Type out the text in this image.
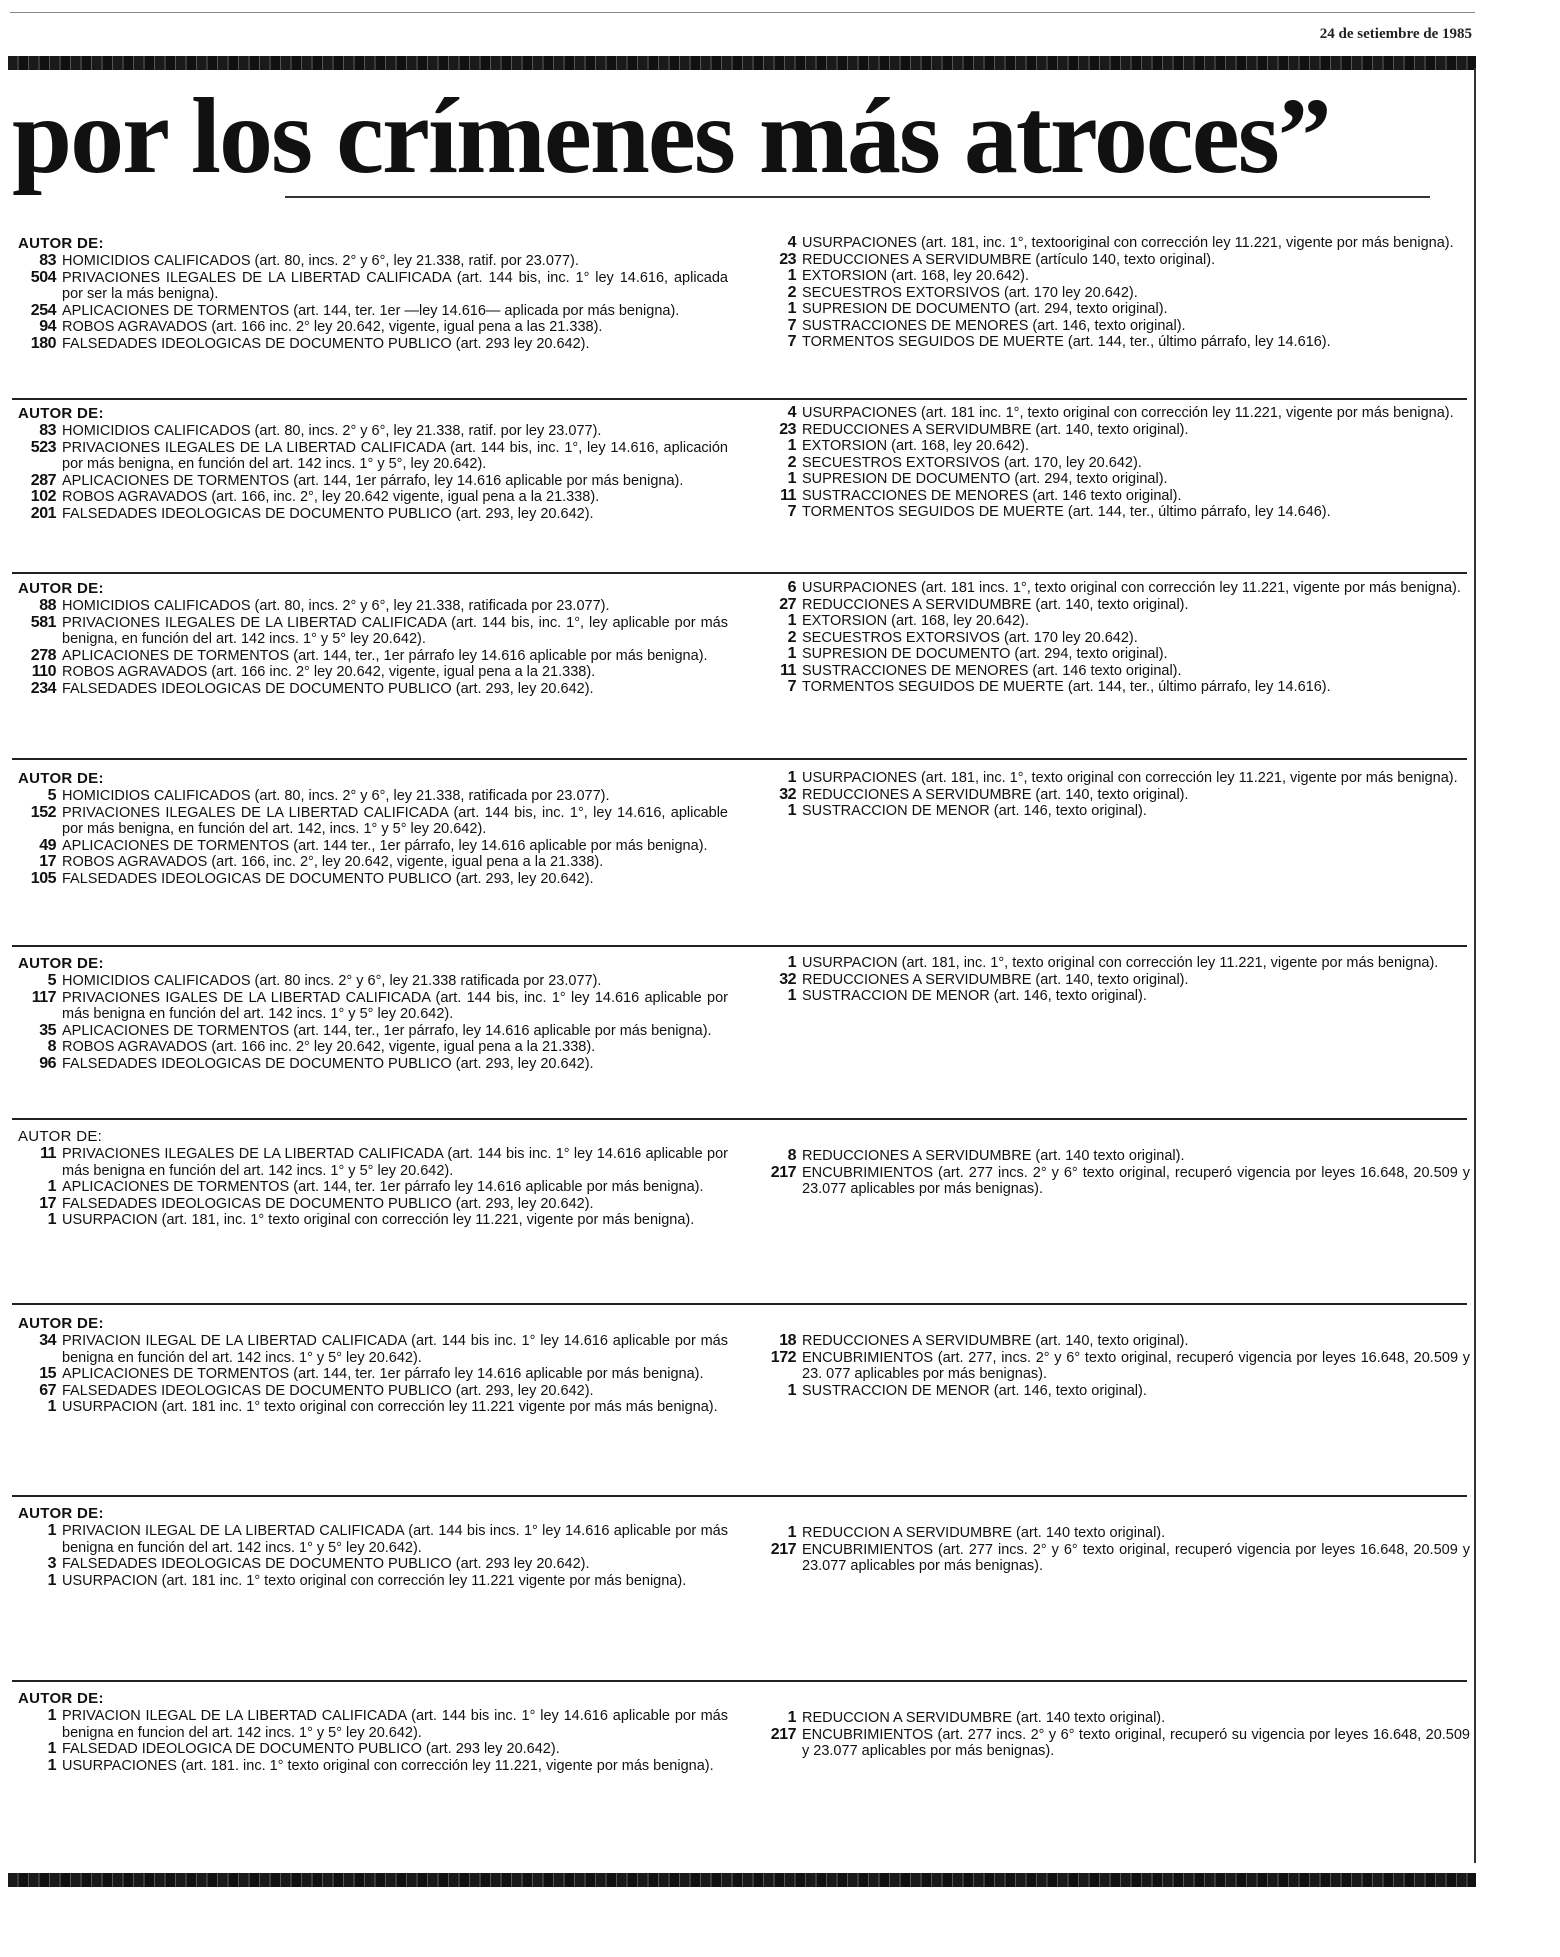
24 de setiembre de 1985
por los crímenes más atroces”
AUTOR DE:
83 HOMICIDIOS CALIFICADOS (art. 80, incs. 2° y 6°, ley 21.338, ratif. por 23.077).
504 PRIVACIONES ILEGALES DE LA LIBERTAD CALIFICADA (art. 144 bis, inc. 1° ley 14.616, aplicada por ser la más benigna).
254 APLICACIONES DE TORMENTOS (art. 144, ter. 1er —ley 14.616— aplicada por más benigna).
94 ROBOS AGRAVADOS (art. 166 inc. 2° ley 20.642, vigente, igual pena a las 21.338).
180 FALSEDADES IDEOLOGICAS DE DOCUMENTO PUBLICO (art. 293 ley 20.642).
4 USURPACIONES (art. 181, inc. 1°, textooriginal con corrección ley 11.221, vigente por más benigna).
23 REDUCCIONES A SERVIDUMBRE (artículo 140, texto original).
1 EXTORSION (art. 168, ley 20.642).
2 SECUESTROS EXTORSIVOS (art. 170 ley 20.642).
1 SUPRESION DE DOCUMENTO (art. 294, texto original).
7 SUSTRACCIONES DE MENORES (art. 146, texto original).
7 TORMENTOS SEGUIDOS DE MUERTE (art. 144, ter., último párrafo, ley 14.616).
AUTOR DE:
83 HOMICIDIOS CALIFICADOS (art. 80, incs. 2° y 6°, ley 21.338, ratif. por ley 23.077).
523 PRIVACIONES ILEGALES DE LA LIBERTAD CALIFICADA (art. 144 bis, inc. 1°, ley 14.616, aplicación por más benigna, en función del art. 142 incs. 1° y 5°, ley 20.642).
287 APLICACIONES DE TORMENTOS (art. 144, 1er párrafo, ley 14.616 aplicable por más benigna).
102 ROBOS AGRAVADOS (art. 166, inc. 2°, ley 20.642 vigente, igual pena a la 21.338).
201 FALSEDADES IDEOLOGICAS DE DOCUMENTO PUBLICO (art. 293, ley 20.642).
4 USURPACIONES (art. 181 inc. 1°, texto original con corrección ley 11.221, vigente por más benigna).
23 REDUCCIONES A SERVIDUMBRE (art. 140, texto original).
1 EXTORSION (art. 168, ley 20.642).
2 SECUESTROS EXTORSIVOS (art. 170, ley 20.642).
1 SUPRESION DE DOCUMENTO (art. 294, texto original).
11 SUSTRACCIONES DE MENORES (art. 146 texto original).
7 TORMENTOS SEGUIDOS DE MUERTE (art. 144, ter., último párrafo, ley 14.646).
AUTOR DE:
88 HOMICIDIOS CALIFICADOS (art. 80, incs. 2° y 6°, ley 21.338, ratificada por 23.077).
581 PRIVACIONES ILEGALES DE LA LIBERTAD CALIFICADA (art. 144 bis, inc. 1°, ley aplicable por más benigna, en función del art. 142 incs. 1° y 5° ley 20.642).
278 APLICACIONES DE TORMENTOS (art. 144, ter., 1er párrafo ley 14.616 aplicable por más benigna).
110 ROBOS AGRAVADOS (art. 166 inc. 2° ley 20.642, vigente, igual pena a la 21.338).
234 FALSEDADES IDEOLOGICAS DE DOCUMENTO PUBLICO (art. 293, ley 20.642).
6 USURPACIONES (art. 181 incs. 1°, texto original con corrección ley 11.221, vigente por más benigna).
27 REDUCCIONES A SERVIDUMBRE (art. 140, texto original).
1 EXTORSION (art. 168, ley 20.642).
2 SECUESTROS EXTORSIVOS (art. 170 ley 20.642).
1 SUPRESION DE DOCUMENTO (art. 294, texto original).
11 SUSTRACCIONES DE MENORES (art. 146 texto original).
7 TORMENTOS SEGUIDOS DE MUERTE (art. 144, ter., último párrafo, ley 14.616).
AUTOR DE:
5 HOMICIDIOS CALIFICADOS (art. 80, incs. 2° y 6°, ley 21.338, ratificada por 23.077).
152 PRIVACIONES ILEGALES DE LA LIBERTAD CALIFICADA (art. 144 bis, inc. 1°, ley 14.616, aplicable por más benigna, en función del art. 142, incs. 1° y 5° ley 20.642).
49 APLICACIONES DE TORMENTOS (art. 144 ter., 1er párrafo, ley 14.616 aplicable por más benigna).
17 ROBOS AGRAVADOS (art. 166, inc. 2°, ley 20.642, vigente, igual pena a la 21.338).
105 FALSEDADES IDEOLOGICAS DE DOCUMENTO PUBLICO (art. 293, ley 20.642).
1 USURPACIONES (art. 181, inc. 1°, texto original con corrección ley 11.221, vigente por más benigna).
32 REDUCCIONES A SERVIDUMBRE (art. 140, texto original).
1 SUSTRACCION DE MENOR (art. 146, texto original).
AUTOR DE:
5 HOMICIDIOS CALIFICADOS (art. 80 incs. 2° y 6°, ley 21.338 ratificada por 23.077).
117 PRIVACIONES IGALES DE LA LIBERTAD CALIFICADA (art. 144 bis, inc. 1° ley 14.616 aplicable por más benigna en función del art. 142 incs. 1° y 5° ley 20.642).
35 APLICACIONES DE TORMENTOS (art. 144, ter., 1er párrafo, ley 14.616 aplicable por más benigna).
8 ROBOS AGRAVADOS (art. 166 inc. 2° ley 20.642, vigente, igual pena a la 21.338).
96 FALSEDADES IDEOLOGICAS DE DOCUMENTO PUBLICO (art. 293, ley 20.642).
1 USURPACION (art. 181, inc. 1°, texto original con corrección ley 11.221, vigente por más benigna).
32 REDUCCIONES A SERVIDUMBRE (art. 140, texto original).
1 SUSTRACCION DE MENOR (art. 146, texto original).
AUTOR DE:
11 PRIVACIONES ILEGALES DE LA LIBERTAD CALIFICADA (art. 144 bis inc. 1° ley 14.616 aplicable por más benigna en función del art. 142 incs. 1° y 5° ley 20.642).
1 APLICACIONES DE TORMENTOS (art. 144, ter. 1er párrafo ley 14.616 aplicable por más benigna).
17 FALSEDADES IDEOLOGICAS DE DOCUMENTO PUBLICO (art. 293, ley 20.642).
1 USURPACION (art. 181, inc. 1° texto original con corrección ley 11.221, vigente por más benigna).
8 REDUCCIONES A SERVIDUMBRE (art. 140 texto original).
217 ENCUBRIMIENTOS (art. 277 incs. 2° y 6° texto original, recuperó vigencia por leyes 16.648, 20.509 y 23.077 aplicables por más benignas).
AUTOR DE:
34 PRIVACION ILEGAL DE LA LIBERTAD CALIFICADA (art. 144 bis inc. 1° ley 14.616 aplicable por más benigna en función del art. 142 incs. 1° y 5° ley 20.642).
15 APLICACIONES DE TORMENTOS (art. 144, ter. 1er párrafo ley 14.616 aplicable por más benigna).
67 FALSEDADES IDEOLOGICAS DE DOCUMENTO PUBLICO (art. 293, ley 20.642).
1 USURPACION (art. 181 inc. 1° texto original con corrección ley 11.221 vigente por más más benigna).
18 REDUCCIONES A SERVIDUMBRE (art. 140, texto original).
172 ENCUBRIMIENTOS (art. 277, incs. 2° y 6° texto original, recuperó vigencia por leyes 16.648, 20.509 y 23. 077 aplicables por más benignas).
1 SUSTRACCION DE MENOR (art. 146, texto original).
AUTOR DE:
1 PRIVACION ILEGAL DE LA LIBERTAD CALIFICADA (art. 144 bis incs. 1° ley 14.616 aplicable por más benigna en función del art. 142 incs. 1° y 5° ley 20.642).
3 FALSEDADES IDEOLOGICAS DE DOCUMENTO PUBLICO (art. 293 ley 20.642).
1 USURPACION (art. 181 inc. 1° texto original con corrección ley 11.221 vigente por más benigna).
1 REDUCCION A SERVIDUMBRE (art. 140 texto original).
217 ENCUBRIMIENTOS (art. 277 incs. 2° y 6° texto original, recuperó vigencia por leyes 16.648, 20.509 y 23.077 aplicables por más benignas).
AUTOR DE:
1 PRIVACION ILEGAL DE LA LIBERTAD CALIFICADA (art. 144 bis inc. 1° ley 14.616 aplicable por más benigna en funcion del art. 142 incs. 1° y 5° ley 20.642).
1 FALSEDAD IDEOLOGICA DE DOCUMENTO PUBLICO (art. 293 ley 20.642).
1 USURPACIONES (art. 181. inc. 1° texto original con corrección ley 11.221, vigente por más benigna).
1 REDUCCION A SERVIDUMBRE (art. 140 texto original).
217 ENCUBRIMIENTOS (art. 277 incs. 2° y 6° texto original, recuperó su vigencia por leyes 16.648, 20.509 y 23.077 aplicables por más benignas).
